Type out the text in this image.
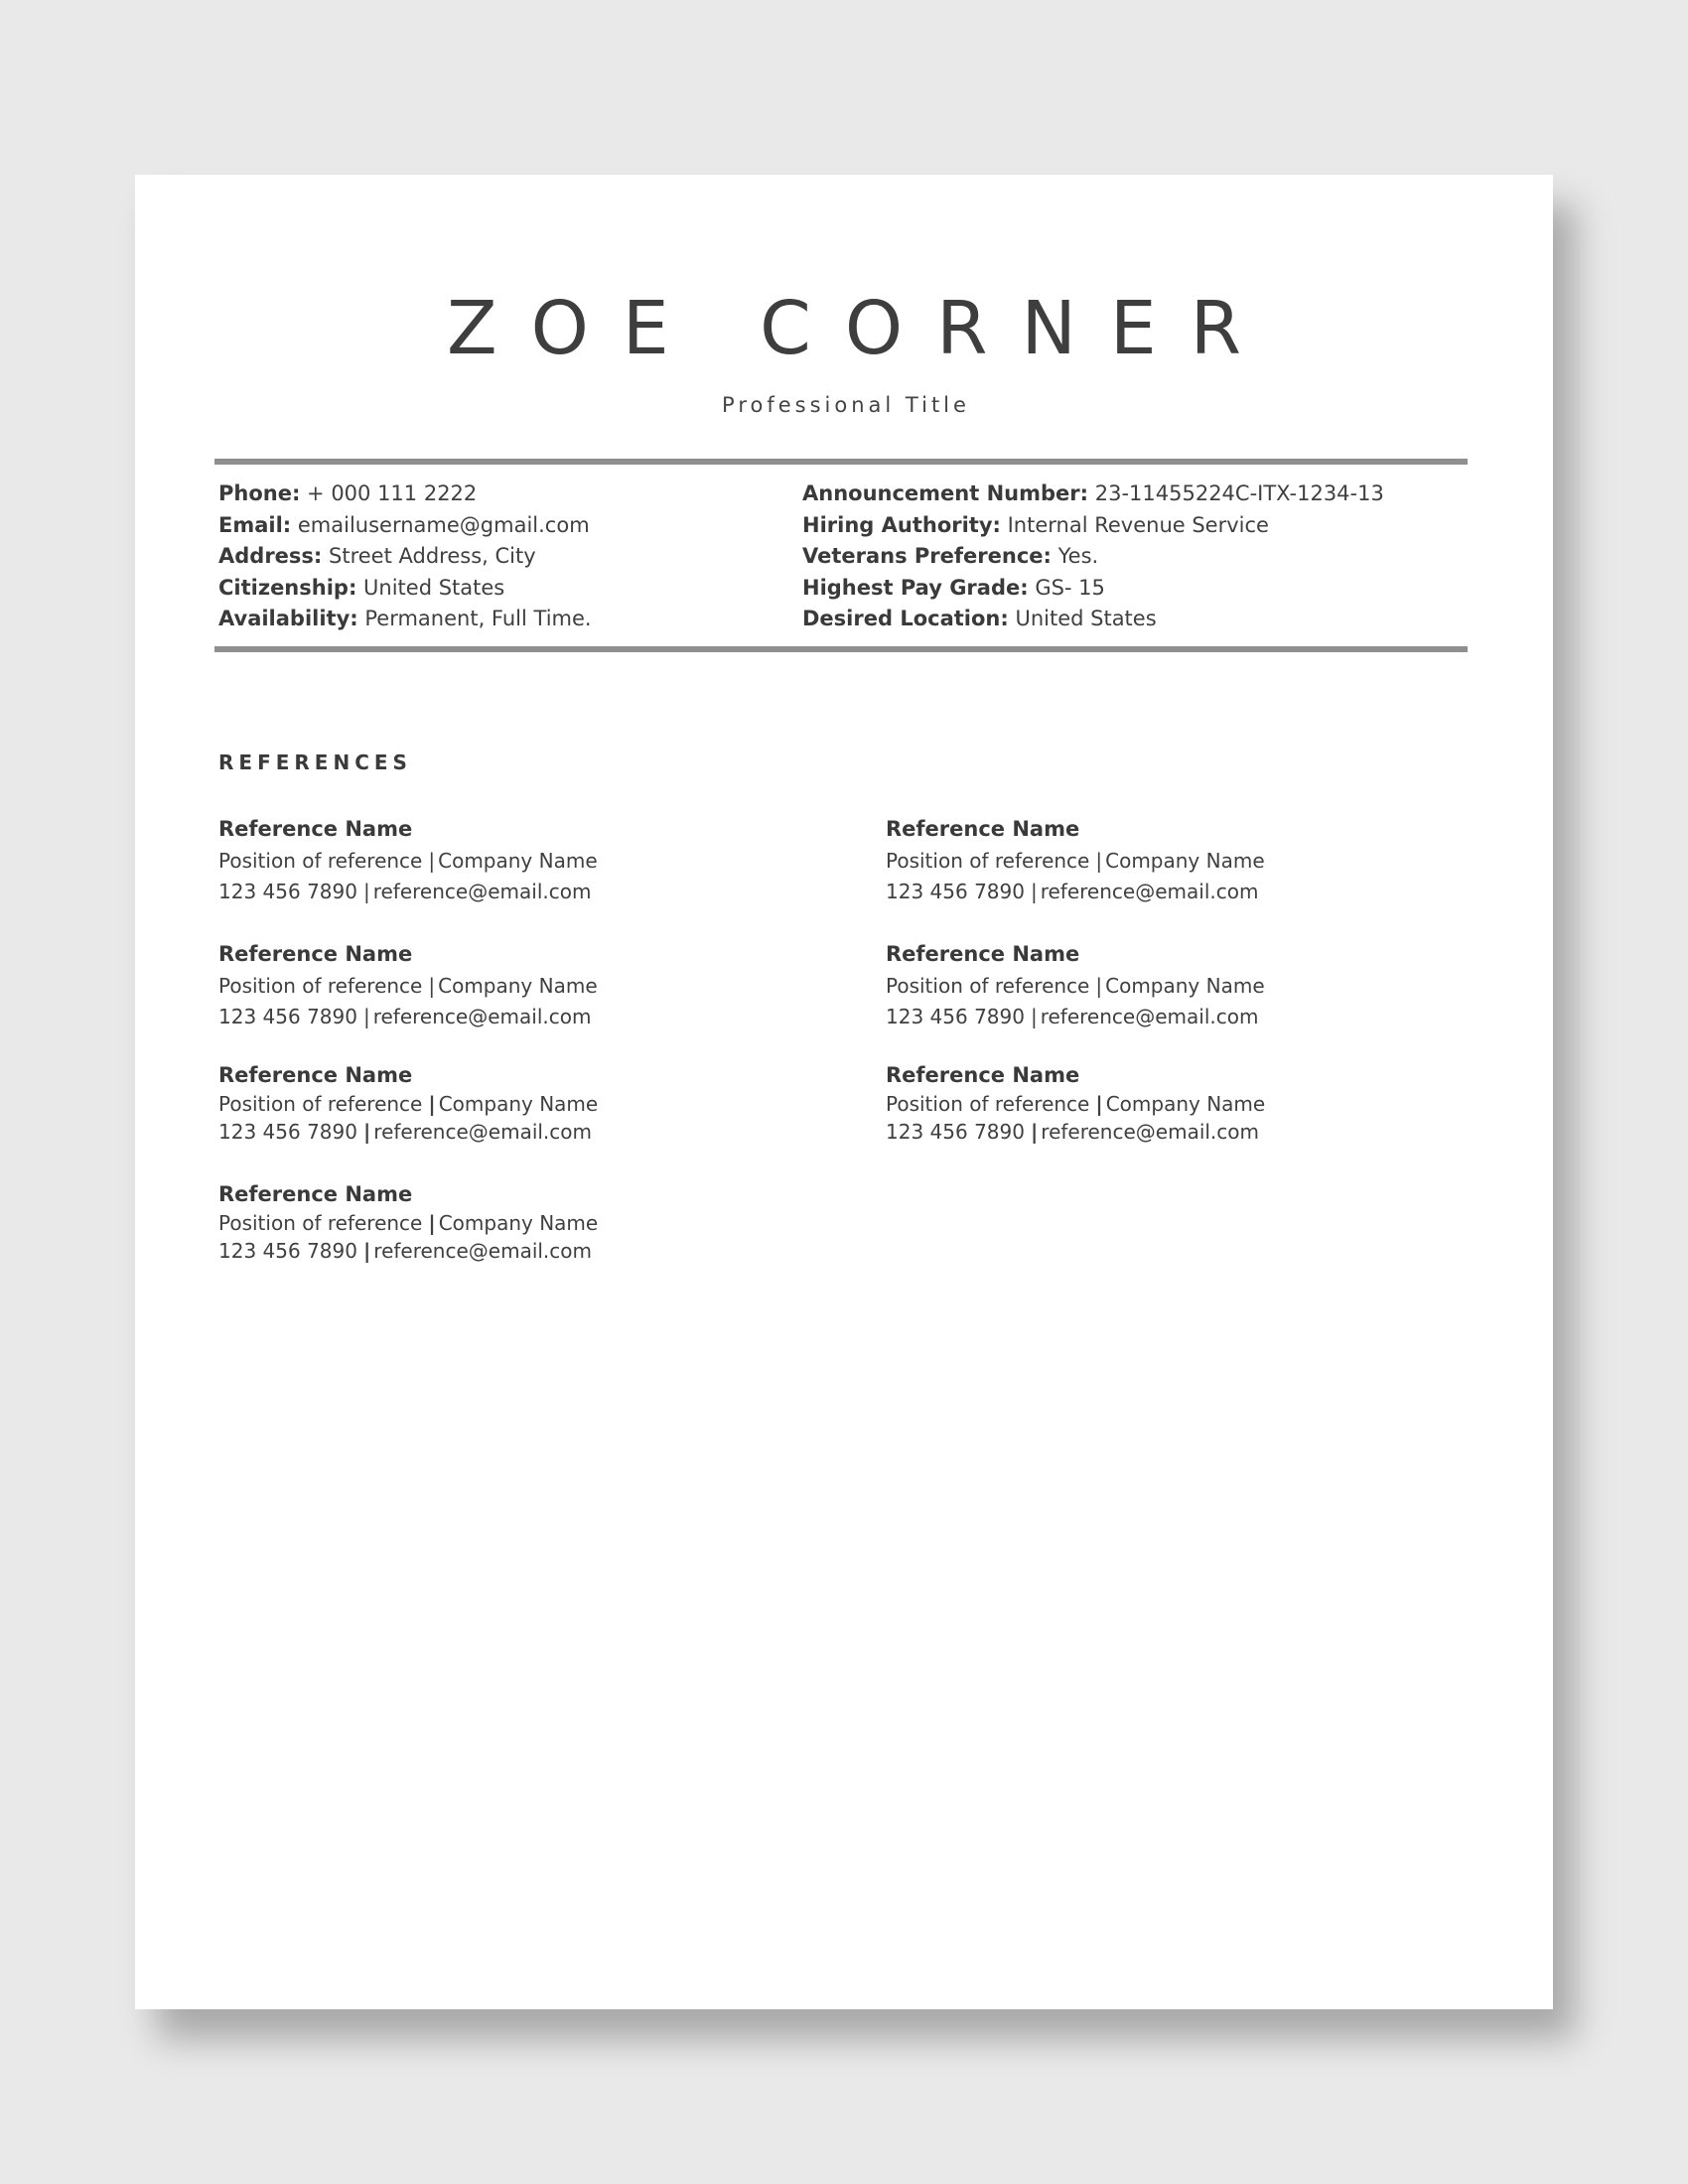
ZOE CORNER
Professional Title
Phone: + 000 111 2222
Email: emailusername@gmail.com
Address: Street Address, City
Citizenship: United States
Availability: Permanent, Full Time.
Announcement Number: 23-11455224C-ITX-1234-13
Hiring Authority: Internal Revenue Service
Veterans Preference: Yes.
Highest Pay Grade: GS- 15
Desired Location: United States
REFERENCES
Reference Name
Position of reference | Company Name
123 456 7890 | reference@email.com
Reference Name
Position of reference | Company Name
123 456 7890 | reference@email.com
Reference Name
Position of reference | Company Name
123 456 7890 | reference@email.com
Reference Name
Position of reference | Company Name
123 456 7890 | reference@email.com
Reference Name
Position of reference | Company Name
123 456 7890 | reference@email.com
Reference Name
Position of reference | Company Name
123 456 7890 | reference@email.com
Reference Name
Position of reference | Company Name
123 456 7890 | reference@email.com
